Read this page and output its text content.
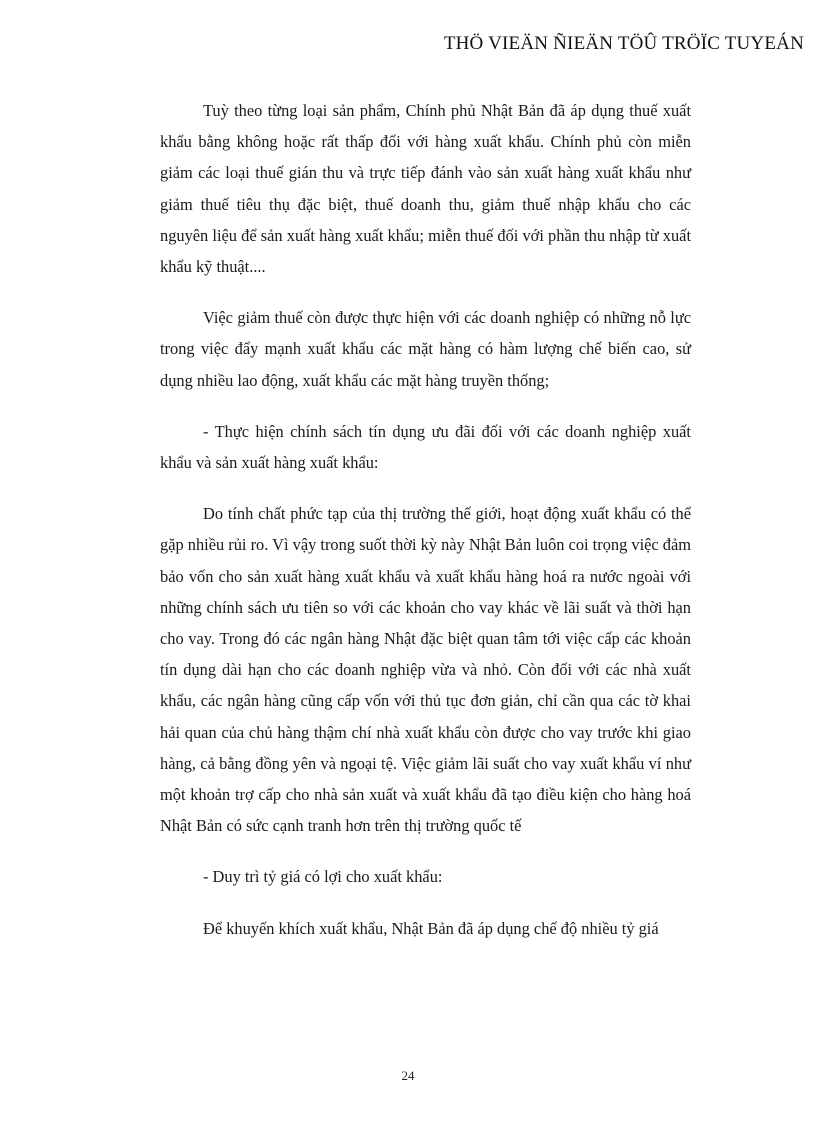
THÖ VIEÄN ÑIEÄN TÖÛ TRÖÏC TUYEÁN

Tuỳ theo từng loại sản phẩm, Chính phủ Nhật Bản đã áp dụng thuế xuất khẩu bằng không hoặc rất thấp đối với hàng xuất khẩu. Chính phủ còn miễn giảm các loại thuế gián thu và trực tiếp đánh vào sản xuất hàng xuất khẩu như giảm thuế tiêu thụ đặc biệt, thuế doanh thu, giảm thuế nhập khẩu cho các nguyên liệu để sản xuất hàng xuất khẩu; miễn thuế đối với phần thu nhập từ xuất khẩu kỹ thuật....

Việc giảm thuế còn được thực hiện với các doanh nghiệp có những nỗ lực trong việc đẩy mạnh xuất khẩu các mặt hàng có hàm lượng chế biến cao, sử dụng nhiều lao động, xuất khẩu các mặt hàng truyền thống;

- Thực hiện chính sách tín dụng ưu đãi đối với các doanh nghiệp xuất khẩu và sản xuất hàng xuất khẩu:

Do tính chất phức tạp của thị trường thế giới, hoạt động xuất khẩu có thể gặp nhiều rủi ro. Vì vậy trong suốt thời kỳ này Nhật Bản luôn coi trọng việc đảm bảo vốn cho sản xuất hàng xuất khẩu và xuất khẩu hàng hoá ra nước ngoài với những chính sách ưu tiên so với các khoản cho vay khác về lãi suất và thời hạn cho vay. Trong đó các ngân hàng Nhật đặc biệt quan tâm tới việc cấp các khoản tín dụng dài hạn cho các doanh nghiệp vừa và nhỏ. Còn đối với các nhà xuất khẩu, các ngân hàng cũng cấp vốn với thủ tục đơn giản, chỉ cần qua các tờ khai hải quan của chủ hàng thậm chí nhà xuất khẩu còn được cho vay trước khi giao hàng, cả bằng đồng yên và ngoại tệ. Việc giảm lãi suất cho vay xuất khẩu ví như một khoản trợ cấp cho nhà sản xuất và xuất khẩu đã tạo điều kiện cho hàng hoá Nhật Bản có sức cạnh tranh hơn trên thị trường quốc tế

- Duy trì tỷ giá có lợi cho xuất khẩu:

Để khuyến khích xuất khẩu, Nhật Bản đã áp dụng chế độ nhiều tỷ giá

24
